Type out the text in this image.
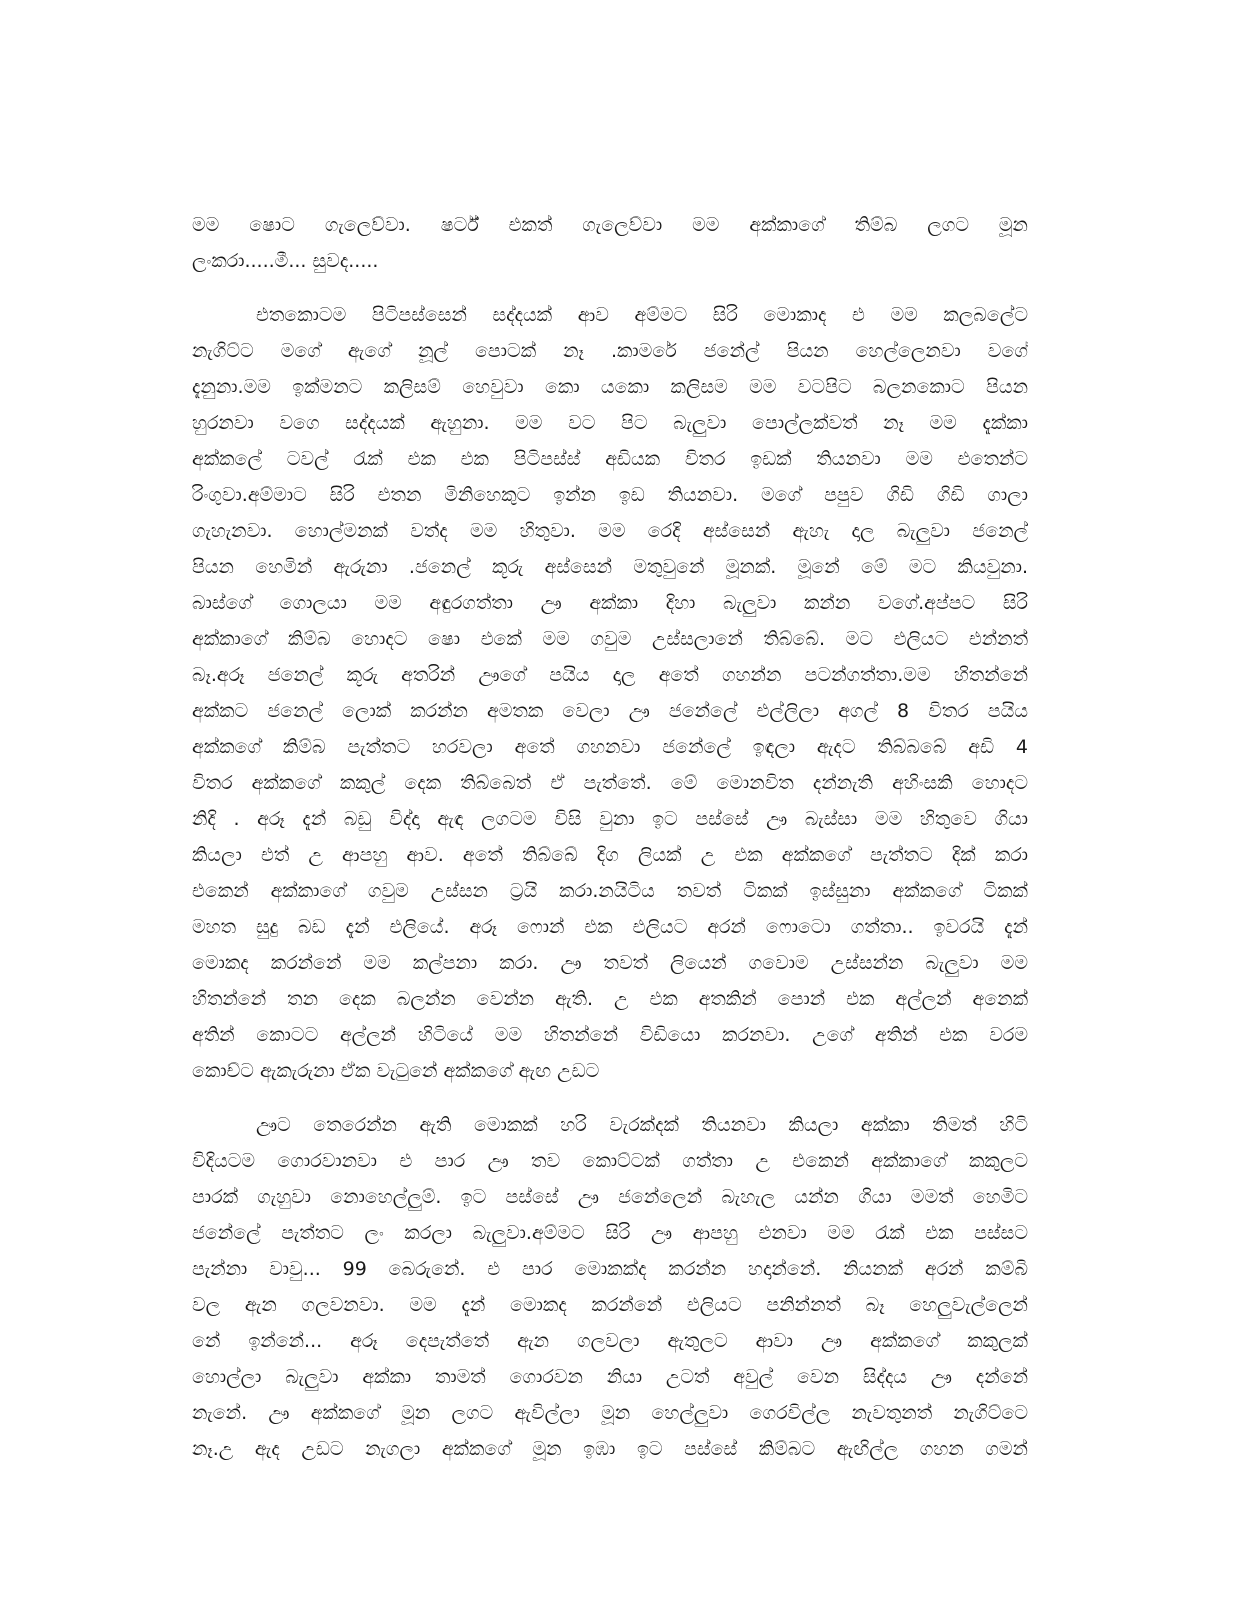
මම ෂොට ගැලෙව්වා. ෂර්ට් එකත් ගැලෙව්වා මම අක්කාගේ තිම්බ ලගට මූන
ලංකරා.....මී... සුවද.....
එතකොටම පිටිපස්සෙන් සද්දයක් ආව අම්මට සිරි මොකාද එ මම කලබලේට
නැගිට්ට මගේ ඇගේ නූල් පොටක් නෑ .කාමරේ ජනේල් පියන හෙල්ලෙනවා වගේ
දැනුනා.මම ඉක්මනට කලිසම් හෙවුවා කො යකො කලිසම මම වටපිට බලනකොට පියන
හුරනවා වගෙ සද්දයක් ඇහුනා. මම වට පිට බැලුවා පොල්ලක්වත් නෑ මම දැක්කා
අක්කලේ ටවල් රැක් එක එක පිටිපස්ස් අඩියක විතර ඉඩක් තියනවා මම එතෙන්ට
රිංගුවා.අම්මාට සිරි එතන මිනිහෙකුට ඉන්න ඉඩ තියනවා. මගේ පපුව ගිඩි ගිඩි ගාලා
ගැහැනවා. හොල්මනක් වත්ද මම හිතුවා. මම රෙදි අස්සෙන් ඇහැ දාල බැලුවා ජනෙල්
පියන හෙමින් ඇරුනා .ජනෙල් කූරු අස්සෙන් මතුවුනේ මූනක්. මූනේ මේ මට කියවුනා.
බාස්ගේ ගොලයා මම අඳුරගත්තා ඌ අක්කා දිහා බැලුවා කන්න වගේ.අප්පට සිරි
අක්කාගේ කිම්බ හොදට ෂො එකේ මම ගවුම උස්සලානේ තිබ්බේ. මට එලියට එන්නත්
බෑ.අරූ ජනෙල් කූරු අතරින් ඌගේ පයිය දාල අතේ ගහන්න පටන්ගත්තා.මම හිතන්නේ
අක්කට ජනෙල් ලොක් කරන්න අමතක වෙලා ඌ ජනේලේ එල්ලිලා අගල් 8 විතර පයිය
අක්කගේ කිම්බ පැත්තට හරවලා අතේ ගහනවා ජනේලේ ඉඳලා ඇදට තිබ්බබේ අඩි 4
විතර අක්කගේ කකුල් දෙක තිබ්බෙත් ඒ පැත්තේ. මේ මොනවිත දන්නැති අහිංසකි හොදට
නිදි . අරූ දැන් බඩු විද්දා ඇඳ ලගටම විසි වුනා ඉට පස්සේ ඌ බැස්සා මම හිතුවෙ ගියා
කියලා එත් උ ආපහු ආව. අතේ තිබ්බේ දිග ලියක් උ එක අක්කගේ පැත්තට දික් කරා
එකෙන් අක්කාගේ ගවුම උස්සන ට්‍රයි කරා.නයිටිය තවත් ටිකක් ඉස්සුනා අක්කගේ ටිකක්
මහත සුදු බඩ දැන් එලියේ. අරූ ෆොන් එක එලියට අරන් ෆොටො ගත්තා.. ඉවරයි දැන්
මොකද කරන්නේ මම කල්පනා කරා. ඌ තවත් ලියෙන් ගවොම උස්සන්න බැලුවා මම
හිතන්නේ තන දෙක බලන්න වෙන්න ඇති. උ එක අතකින් පොන් එක අල්ලන් අනෙක්
අතින් කොටට අල්ලන් හිටියේ මම හිතන්නේ විඩියො කරනවා. උගේ අතින් එක වරම
කොච්ට ඇකැරුනා ඒක වැටුනේ අක්කගේ ඇඟ උඩට
ඌට තෙරෙන්න ඇති මොකක් හරි වැරක්දක් තියනවා කියලා අක්කා තිමත් හිටි
විදියටම ගොරවානවා එ පාර ඌ තව කොට්ටක් ගත්තා උ එකෙන් අක්කාගේ කකුලට
පාරක් ගැහුවා නොහෙල්ලුම්. ඉට පස්සේ ඌ ජනේලෙන් බැහැල යන්න ගියා මමත් හෙමිට
ජනේලේ පැත්තට ලං කරලා බැලුවා.අම්මට සිරි ඌ ආපහු එනවා මම රැක් එක පස්සට
පැන්නා වාවු... 99 බෙරුනේ. එ පාර මොකක්ද කරන්න හදාන්නේ. නියනක් අරන් කම්බි
වල ඇන ගලවනවා. මම දැන් මොකද කරන්නේ එලියට පනින්නත් බෑ හෙලුවැල්ලෙන්
නේ ඉන්නේ... අරූ දෙපැත්තේ ඇන ගලවලා ඇතුලට ආවා ඌ අක්කගේ කකුලක්
හොල්ලා බැලුවා අක්කා තාමත් ගොරවන නියා උටත් අවුල් වෙන සිද්දය ඌ දන්නේ
නැනේ. ඌ අක්කගේ මූන ලගට ඇවිල්ලා මූන හෙල්ලුවා ගෙරවිල්ල නැවතුනත් නැගිට්ටෙ
නෑ.උ ඇද උඩට නැගලා අක්කගේ මූන ඉඹා ඉට පස්සේ කිම්බට ඇඟිල්ල ගහන ගමන්
